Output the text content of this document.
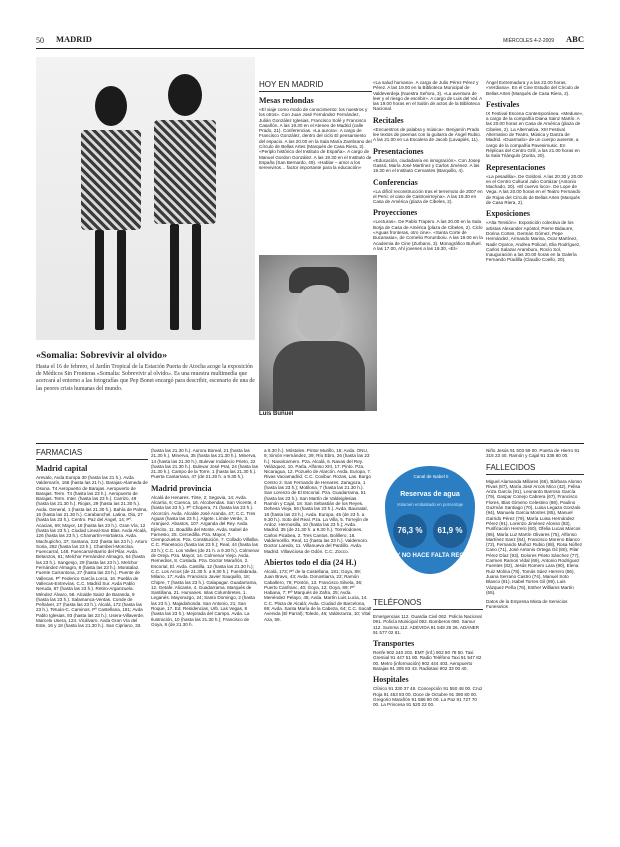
50 MADRID	MIÉRCOLES 4-2-2009 ABC
«Somalia: Sobrevivir al olvido»

Hasta el 16 de febrero, el Jardín Tropical de la Estación Puerta de Atocha acoge la exposición de Médicos Sin Fronteras «Somalia: Sobrevivir al olvido». Es una muestra multimedia que acercará al entorno a las fotografías que Pep Bonet encargó para describir, escenario de una de las peores crisis humanas del mundo.

HOY EN MADRID
Mesas redondas
«El viaje como modo de conocimiento: los nuestros y los otros». Con Juan José Fernández Fernández, Julián González Iglesias, Francisco Solé y Francisco Casañón. A las 19.30 en el Ateneo de Madrid (calle Prado, 21). Conferencias. «La aurora». A cargo de Francisco González, dentro del ciclo El pensamiento del espacio. A las 20.00 en la Sala María Zambrano del Círculo de Bellas Artes (Marqués de Casa Riera, 2). «Periplo histórico del Instituto de España». A cargo de Manuel Gordon González. A las 19.30 en el Instituto de España (San Bernardo, 49). «Hablar – amor a los sereviviros… factor importante para la educación»
«La salud humana». A cargo de Julio Pérez Pérez y Pérez. A las 19.00 en la Biblioteca Municipal de Valdeverdeja (Nuestra Señora, 3). «La aventura de leer y el riesgo de escribir». A cargo de Luis del Val. A las 19.00 horas en el Salón de actos de la Biblioteca Nacional.
Recitales
«Encuentros de palabra y música». Benjamín Prado lee textos de poemas con la guitarra de Ángel Rubio. A las 21.00 en La Escalera de Jacob (Lavapiés, 11).
Presentaciones
«Educación, ciudadanía en inmigración». Con Josep Gassó, María José Martínez y Carlos Jiménez. A las 19.30 en el Instituto Cervantes (Barquillo, 4).
Conferencias
«La difícil reconstrucción tras el terremoto de 2007 en el Perú: el caso de Castrovirreyna». A las 19.30 en Casa de América (plaza de Cibeles, 2).
Proyecciones
«Lecturas». De Pablo Trapero. A las 20.00 en la Sala Borja de Casa de América (plaza de Cibeles, 2). Ciclo «Aguas fronteras, otro cine». «Santa Corte de Bucanasia», de Cornelio Porumboiu. A las 19.00 en la Academia de Cine (Zurbano, 3). Monográfico Buñuel. A las 17.00, Ahí jovenes a las 19.30, «El»
Luis Buñuel
Ángel Extremadura y a las 22.00 horas, «Verdiana». En el Cine Estudio del Círculo de Bellas Artes (Marqués de Casa Riera, 2).
Festivales
IX Festival Escena Contemporánea. «Meduse», a cargo de la compañía Diana Sainz Martín. A las 20.00 horas en Casa de América (plaza de Cibeles, 2). La Alternativa. XIII Festival Alternativo de Teatro, Música y Danza de Madrid. «Duarmalo» de un cuerpo ausente, a cargo de la compañía Pavesimusic. En Réplicas del Centro Grill, a las 21.00 horas en la Sala Triángulo (Zurita, 20).
Representaciones
«La pesadilla». De Goldoni. A las 20.30 y 20.00 en el Centro Cultural Julio Cortázar (Antonio Machado, 20). «El cuervo loco». De Lope de Vega. A las 20.00 horas en el Teatro Fernando de Rojas del Círculo de Bellas Artes (Marqués de Casa Riera, 2).
Exposiciones
«Alta Tensión». Exposición colectiva de los artistas Alexander Apóstol, Pierre Bidaurre, Dorina Cortes, Germán Gómez, Pepe Hernández, Armando Marina, Ocar Martínez, Nadir Oyarce, Andrea Policari, Elia Rodríguez, Carlos Salazar Aramburu, Rocío Sol, Inauguración a las 20.00 horas en la Galería Fernando Pradilla (Claudio Coello, 20).
FARMACIAS
Madrid capital
Arevalo, Avda Europa 30 (hasta las 21 h.). Avda Valdemarín, 166 (hasta las 21 h.). Barajas-Alameda de Osuna. T4 Aeropuerto de Barajas. Aeropuerto de Barajas. Term. T4 (hasta las 23 h.). Aeropuerto de Barajas. Term. Inter. (hasta las 23 h.). Carrizo, 49 (hasta las 21.30 h.). Riojas, 29 (hasta las 21.30 h.). Avda. General, 1 (hasta las 21.30 h.). Bahía de Palma, 16 (hasta las 21.30 h.). Carabanchel. Latina, Ola, 27 (hasta las 23 h.). Centro. Paz del Ángel, 14; Pº. Acacias, 69; Mayor, 18 (hasta las 23 h.). Gran Vía, 12 (hasta las 23 h.). Ciudad Lineal-San Blas. Avda Alcalá, 126 (hasta las 23 h.). Chamartín-Hortaleza. Avda. Machupicho, 37; Santana, 222 (hasta las 23 h.). Arturo Soria, 282 (hasta las 23 h.). Chamberí-Moncloa. Fuencarral, 148. Fuencarral-Barrio del Pilar. Avda. Betanzos, 61; Melchor Fernández Almagro, 64 (hasta las 23 h.). Sangenjo, 29 (hasta las 23 h.). Melchor Fernández Almagro, 8 (hasta las 23 h.). Moratalaz. Fuente Carrantona, 27 (hasta las 23 h.). Puente de Vallecas. Pº Federico García Lorca, 16. Puebla de Vallecas-Entrevías. C.C. Madrid Sur. Avda Pablo Neruda, 87 (hasta las 23 h.). Retiro-Arganzuela. Méndez Álvaro, 58. Alcalde Sainz de Baranda, 9 (hasta las 23 h.). Salamanca-Ventas. Conde de Peñalver, 27 (hasta las 23 h.). Alcalá, 172 (hasta las 23 h.). Tetuán-C. Caminos. Pº Castellana, 181; Avda Pablo Iglesias, 93 (hasta las 23 h.). Usera-Villaverde. Marcelo Usera, 124. Vicálvaro. Avda Gran Vía del Este, 16 y 18 (hasta las 21.30 h.). San Cipriano, 33.
(hasta las 21.30 h.). Aurora Boreal, 21 (hasta las 21.30 h.). Minerva, 35 (hasta las 21.30 h.). Minerva, 14 (hasta las 21.30 h.). Bulevar Indalecio Prieto, 22 (hasta las 21.30 h.). Bulevar José Prat, 24 (hasta las 21.30 h.). Campo de la Torre, 1 (hasta las 21.30 h.). Puerta Cantarrana, 47 (de 21.30 h. a 9.30 h.).
Madrid provincia
Alcalá de Henares. Tinte, 2; Segovia, 14; Avda. Alcarria, 6; Cuenca, 16. Alcobendas. San Vicente, 4 (hasta las 23 h.). Pº Chopera, 71 (hasta las 23 h.). Alcorcón. Avda. Alcalde José Aranda, 47; C.C. Tres Aguas (hasta las 23 h.). Algete. Límite Verde, 3. Aranjuez. Abastos, 107. Arganda del Rey. Avda. Ejército, 11. Boadilla del Monte. Avda. Isabel de Farnesio, 25. Cercedilla. Pza. Mayor, 7. Ciempozuelos. Pza. Constitución, 7. Collado Villalba. C.C. Planetocio (hasta las 23 h.); Real, 44 (hasta las 23 h.); C.C. Los Valles (de 21 h. a 9.30 h.). Colmenar de Oreja. Pza. Mayor, 14. Colmenar Viejo. Avda. Remedios, 8. Coslada. Pza. Doctor Marañón, 2. Escorial, El. Avda. Castilla, 12 (hasta las 21.30 h.); C.C. Los Arcos (de 21.30 h. a 9.30 h.). Fuenlabrada. Milano, 17; Avda. Francisco Javier Sauquillo, 18; Chipre, 7 (hasta las 23 h.). Galapagar. Guadarrama, 12. Getafe. Alicante, 4. Guadarrama. Marqués de Santillana, 21. Humanes. Islas Columbretes, 1. Leganés. Mayorazgo, 24; Santo Domingo, 2 (hasta las 23 h.). Majadahonda. San Antonio, 21; San Roque, 17. Ed. Residencias, Urb. Las Vegas, 8 (hasta las 23 h.). Mejorada del Campo. Avda. La Ilustración, 10 (hasta las 21.30 h.); Francisco de Goya, 8 (de 21.30 h.
a 9.30 h.). Móstoles. Pintor Murillo, 16; Avda. ONU, 9; Simón Hernández, 39; Río Ebro, 26 (hasta las 23 h.). Navalcarnero. Pza. Alcalá, 6. Navas del Rey. Velázquez, 10. Parla. Alfonso XIII, 17. Pinto. Pza. Nicaragua, 12. Pozuelo de Alarcón. Avda. Europa, 7. Rivas Vaciamadrid. C.C. Covibur. Rozas, Las. Burgo Centro 2. San Fernando de Henares. Zaragoza, 1 (hasta las 23 h.); Motilona, 7 (hasta las 21.30 h.). San Lorenzo de El Escorial. Pza. Guadarrama, 51 (hasta las 23 h.). San Martín de Valdeiglesias. Ramón y Cajal, 18. San Sebastián de los Reyes. Dehesa Vieja, 56 (hasta las 23 h.). Avda. Baunatal, 18 (hasta las 23 h.). Avda. Europa, 45 (de 23 h. a 9.30 h.). Soto del Real. Pza. La Villa, 5. Torrejón de Ardoz. Hermosilla, 10 (hasta las 23 h.); Avda. Madrid, 35 (de 21.30 h. a 9.30 h.). Torrelodones. Carlos Picabea, 2. Tres Cantos. Bolillero, 18. Valdemorillo. Real, 11 (hasta las 23 h.). Valdemoro. Doctor Laredo, 11. Villanueva del Pardillo. Avda. Madrid. Villaviciosa de Odón. C.C. Zocco.
Abiertos todo el día (24 H.)
Alcalá, 173; Pº de la Castellana, 181; Goya, 89; Juan Bravo, 43; Avda. Donostiarra, 22; Ramón Caballero, 76; Pontón, 13. Francisco Silvela, 36; Puerto Canfranc, 40; Goya, 12; Goya, 89; Pº Habana, 7; Pº Marqués de Zafra, 25; Avda. Menéndez Pelayo, 45; Avda. Martín Luis Lucia, 14. C.C. Plaza de Alcalá; Avda. Ciudad de Barcelona, 69; Avda. Santa María de la Cabeza, 64; C.C. Sacatt Avenida (El Parral); Toledo, 46; Valdezarza, 10; Vital Aza, 59.
Canal de Isabel II
Reservas de agua
Volumen embalsado en porcentaje
76,3 %	61,9 %
HOY NO HACE FALTA REGAR
TELÉFONOS
Emergencias 112. Guardia Civil 062. Policía Nacional 091. Policía Municipal 092. Bomberos 080. Samur 112. Summa 112. ADEVIDA 91 548 25 26. ADANER 91 577 02 61.
Transportes
Renfe 902 240 202. EMT (inf.) 902 50 78 50. Taxi Gremial 91 447 51 80. Radio Teléfono Taxi 91 547 82 00. Metro (información) 902 444 403. Aeropuerto Barajas 91 305 83 43. Radiotaxi 902 33 00 40.
Hospitales
Clínico 91 330 37 48. Concepción 91 550 48 00. Cruz Roja 91 453 83 00. Doce de Octubre 91 390 80 00. Gregorio Marañón 91 586 80 00. La Paz 91 727 70 00. La Princesa 91 520 22 00.
Niño Jesús 91 503 59 00. Puerta de Hierro 91 316 23 40. Ramón y Cajal 91 336 80 00.
FALLECIDOS
Miguel Alamanda Millares (66), Bárbara Alonso Rivas (87), María José Arcos Mico (42), Felisa Ariza García (91), Leonardo Barroso García (79), Gaspar Conejo Cabrera (67), Francisco Flores, Blas Gimeno Celestino (86), Paulino Guzmán Santiago (70), Luisa Legaza Gonzalo (94), Manuela Garcia Montes (85), Manuel Garrido Pérez (79), María Luisa Hernández Pérez (91), Lorenzo Jiménez Alonso (83), Purificación Herrero (60), Ofelia Lucas Marcos (86), María Luz Martín Olivares (75), Alfonso Martínez Sanz (84), Francisco Moreno Blanco (72), Fernando Muñoz Rubio (88), Rosa Núñez Cano (71), José Antonio Ortega Gil (80), Pilar Pérez Díaz (93), Dolores Prieto Sánchez (77), Carmen Ramos Vidal (69), Antonio Rodríguez Fuentes (82), Jesús Romero Lara (90), Elena Ruiz Molina (78), Tomás Sáez Herrero (86), Juana Serrano Castro (74), Manuel Soto Blanco (81), Isabel Torres Gil (89), Luis Vázquez Peña (76), Esther Williams Martín (65).
Datos de la Empresa Mixta de Servicios Funerarios
